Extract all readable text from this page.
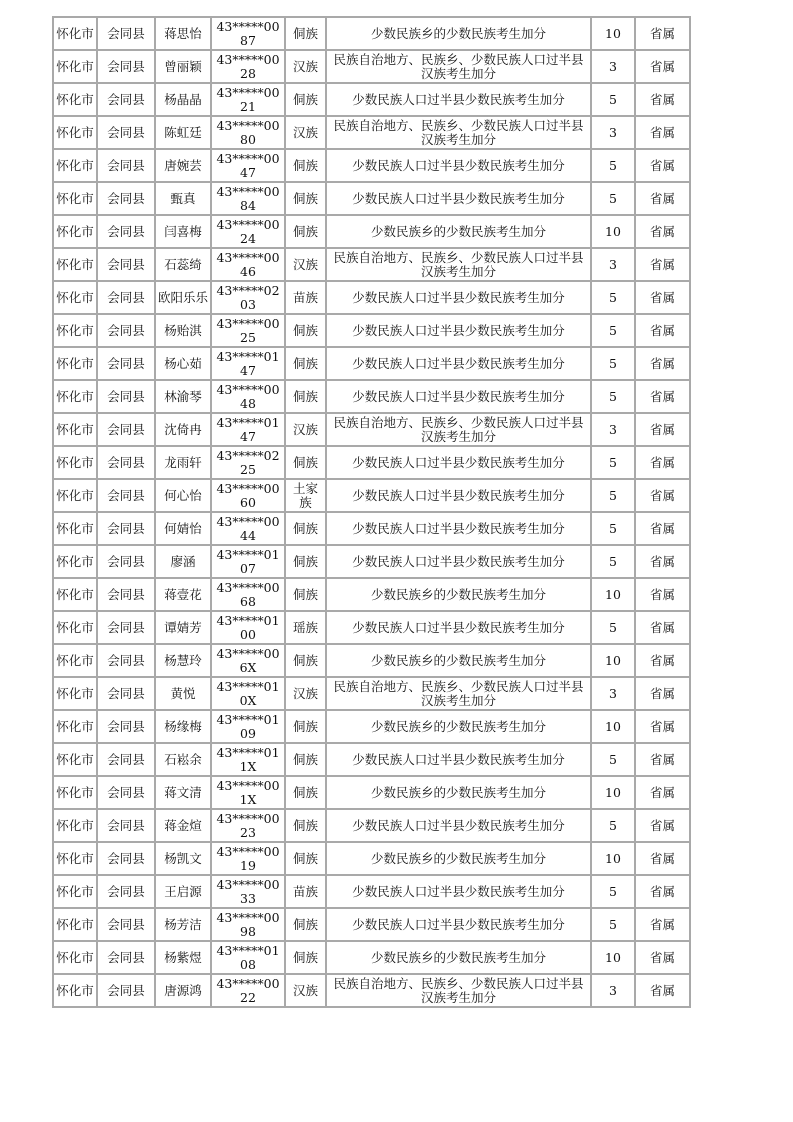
怀化市	会同县	蒋思怡	43*****0087	侗族	少数民族乡的少数民族考生加分	10	省属
怀化市	会同县	曾丽颖	43*****0028	汉族	民族自治地方、民族乡、少数民族人口过半县汉族考生加分	3	省属
怀化市	会同县	杨晶晶	43*****0021	侗族	少数民族人口过半县少数民族考生加分	5	省属
怀化市	会同县	陈虹廷	43*****0080	汉族	民族自治地方、民族乡、少数民族人口过半县汉族考生加分	3	省属
怀化市	会同县	唐婉芸	43*****0047	侗族	少数民族人口过半县少数民族考生加分	5	省属
怀化市	会同县	甄真	43*****0084	侗族	少数民族人口过半县少数民族考生加分	5	省属
怀化市	会同县	闫喜梅	43*****0024	侗族	少数民族乡的少数民族考生加分	10	省属
怀化市	会同县	石蕊绮	43*****0046	汉族	民族自治地方、民族乡、少数民族人口过半县汉族考生加分	3	省属
怀化市	会同县	欧阳乐乐	43*****0203	苗族	少数民族人口过半县少数民族考生加分	5	省属
怀化市	会同县	杨贻淇	43*****0025	侗族	少数民族人口过半县少数民族考生加分	5	省属
怀化市	会同县	杨心茹	43*****0147	侗族	少数民族人口过半县少数民族考生加分	5	省属
怀化市	会同县	林渝琴	43*****0048	侗族	少数民族人口过半县少数民族考生加分	5	省属
怀化市	会同县	沈倚冉	43*****0147	汉族	民族自治地方、民族乡、少数民族人口过半县汉族考生加分	3	省属
怀化市	会同县	龙雨轩	43*****0225	侗族	少数民族人口过半县少数民族考生加分	5	省属
怀化市	会同县	何心怡	43*****0060	土家族	少数民族人口过半县少数民族考生加分	5	省属
怀化市	会同县	何婧怡	43*****0044	侗族	少数民族人口过半县少数民族考生加分	5	省属
怀化市	会同县	廖涵	43*****0107	侗族	少数民族人口过半县少数民族考生加分	5	省属
怀化市	会同县	蒋壹花	43*****0068	侗族	少数民族乡的少数民族考生加分	10	省属
怀化市	会同县	谭婧芳	43*****0100	瑶族	少数民族人口过半县少数民族考生加分	5	省属
怀化市	会同县	杨慧玲	43*****006X	侗族	少数民族乡的少数民族考生加分	10	省属
怀化市	会同县	黄悦	43*****010X	汉族	民族自治地方、民族乡、少数民族人口过半县汉族考生加分	3	省属
怀化市	会同县	杨缘梅	43*****0109	侗族	少数民族乡的少数民族考生加分	10	省属
怀化市	会同县	石崧余	43*****011X	侗族	少数民族人口过半县少数民族考生加分	5	省属
怀化市	会同县	蒋文清	43*****001X	侗族	少数民族乡的少数民族考生加分	10	省属
怀化市	会同县	蒋金煊	43*****0023	侗族	少数民族人口过半县少数民族考生加分	5	省属
怀化市	会同县	杨凯文	43*****0019	侗族	少数民族乡的少数民族考生加分	10	省属
怀化市	会同县	王启源	43*****0033	苗族	少数民族人口过半县少数民族考生加分	5	省属
怀化市	会同县	杨芳洁	43*****0098	侗族	少数民族人口过半县少数民族考生加分	5	省属
怀化市	会同县	杨紫煜	43*****0108	侗族	少数民族乡的少数民族考生加分	10	省属
怀化市	会同县	唐源鸿	43*****0022	汉族	民族自治地方、民族乡、少数民族人口过半县汉族考生加分	3	省属
